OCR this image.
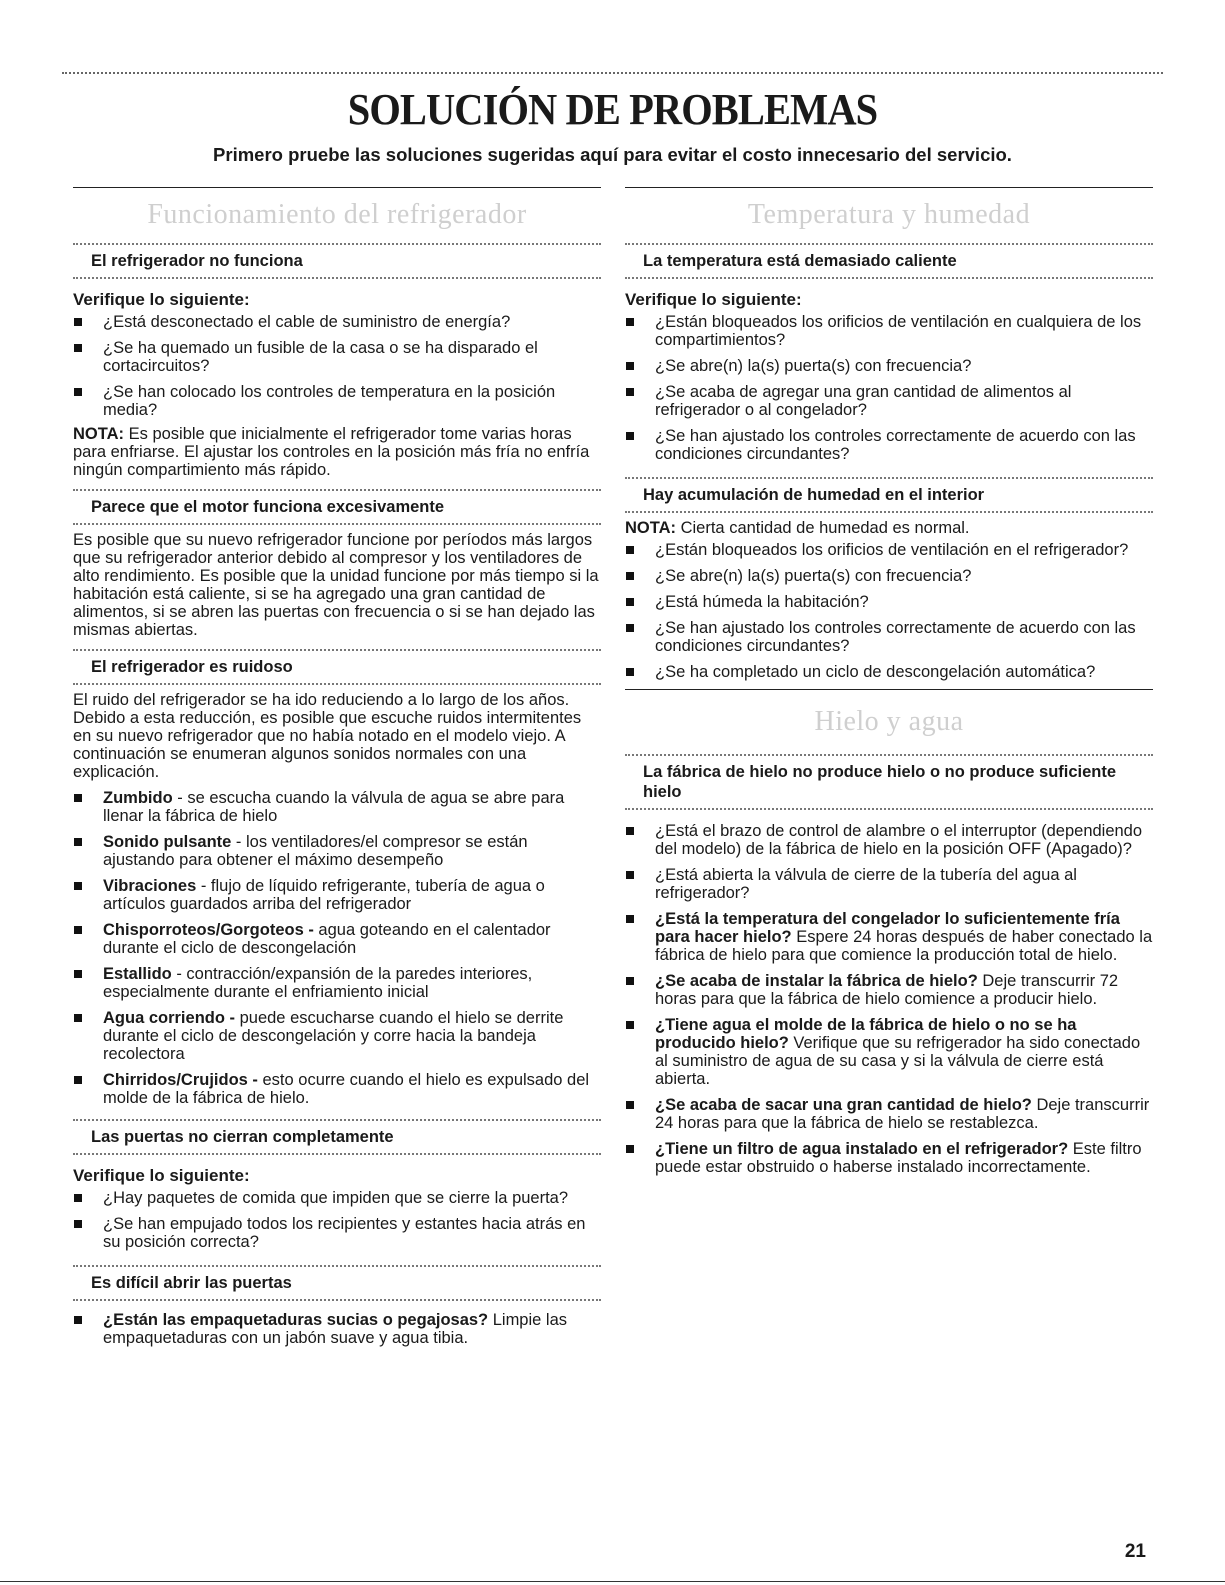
SOLUCIÓN DE PROBLEMAS
Primero pruebe las soluciones sugeridas aquí para evitar el costo innecesario del servicio.
Funcionamiento del refrigerador
El refrigerador no funciona
Verifique lo siguiente:
¿Está desconectado el cable de suministro de energía?
¿Se ha quemado un fusible de la casa o se ha disparado el cortacircuitos?
¿Se han colocado los controles de temperatura en la posición media?
NOTA: Es posible que inicialmente el refrigerador tome varias horas para enfriarse. El ajustar los controles en la posición más fría no enfría ningún compartimiento más rápido.
Parece que el motor funciona excesivamente
Es posible que su nuevo refrigerador funcione por períodos más largos que su refrigerador anterior debido al compresor y los ventiladores de alto rendimiento. Es posible que la unidad funcione por más tiempo si la habitación está caliente, si se ha agregado una gran cantidad de alimentos, si se abren las puertas con frecuencia o si se han dejado las mismas abiertas.
El refrigerador es ruidoso
El ruido del refrigerador se ha ido reduciendo a lo largo de los años. Debido a esta reducción, es posible que escuche ruidos intermitentes en su nuevo refrigerador que no había notado en el modelo viejo. A continuación se enumeran algunos sonidos normales con una explicación.
Zumbido - se escucha cuando la válvula de agua se abre para llenar la fábrica de hielo
Sonido pulsante - los ventiladores/el compresor se están ajustando para obtener el máximo desempeño
Vibraciones - flujo de líquido refrigerante, tubería de agua o artículos guardados arriba del refrigerador
Chisporroteos/Gorgoteos - agua goteando en el calentador durante el ciclo de descongelación
Estallido - contracción/expansión de la paredes interiores, especialmente durante el enfriamiento inicial
Agua corriendo - puede escucharse cuando el hielo se derrite durante el ciclo de descongelación y corre hacia la bandeja recolectora
Chirridos/Crujidos - esto ocurre cuando el hielo es expulsado del molde de la fábrica de hielo.
Las puertas no cierran completamente
Verifique lo siguiente:
¿Hay paquetes de comida que impiden que se cierre la puerta?
¿Se han empujado todos los recipientes y estantes hacia atrás en su posición correcta?
Es difícil abrir las puertas
¿Están las empaquetaduras sucias o pegajosas? Limpie las empaquetaduras con un jabón suave y agua tibia.
Temperatura y humedad
La temperatura está demasiado caliente
Verifique lo siguiente:
¿Están bloqueados los orificios de ventilación en cualquiera de los compartimientos?
¿Se abre(n) la(s) puerta(s) con frecuencia?
¿Se acaba de agregar una gran cantidad de alimentos al refrigerador o al congelador?
¿Se han ajustado los controles correctamente de acuerdo con las condiciones circundantes?
Hay acumulación de humedad en el interior
NOTA: Cierta cantidad de humedad es normal.
¿Están bloqueados los orificios de ventilación en el refrigerador?
¿Se abre(n) la(s) puerta(s) con frecuencia?
¿Está húmeda la habitación?
¿Se han ajustado los controles correctamente de acuerdo con las condiciones circundantes?
¿Se ha completado un ciclo de descongelación automática?
Hielo y agua
La fábrica de hielo no produce hielo o no produce suficiente hielo
¿Está el brazo de control de alambre o el interruptor (dependiendo del modelo) de la fábrica de hielo en la posición OFF (Apagado)?
¿Está abierta la válvula de cierre de la tubería del agua al refrigerador?
¿Está la temperatura del congelador lo suficientemente fría para hacer hielo? Espere 24 horas después de haber conectado la fábrica de hielo para que comience la producción total de hielo.
¿Se acaba de instalar la fábrica de hielo? Deje transcurrir 72 horas para que la fábrica de hielo comience a producir hielo.
¿Tiene agua el molde de la fábrica de hielo o no se ha producido hielo? Verifique que su refrigerador ha sido conectado al suministro de agua de su casa y si la válvula de cierre está abierta.
¿Se acaba de sacar una gran cantidad de hielo? Deje transcurrir 24 horas para que la fábrica de hielo se restablezca.
¿Tiene un filtro de agua instalado en el refrigerador? Este filtro puede estar obstruido o haberse instalado incorrectamente.
21
